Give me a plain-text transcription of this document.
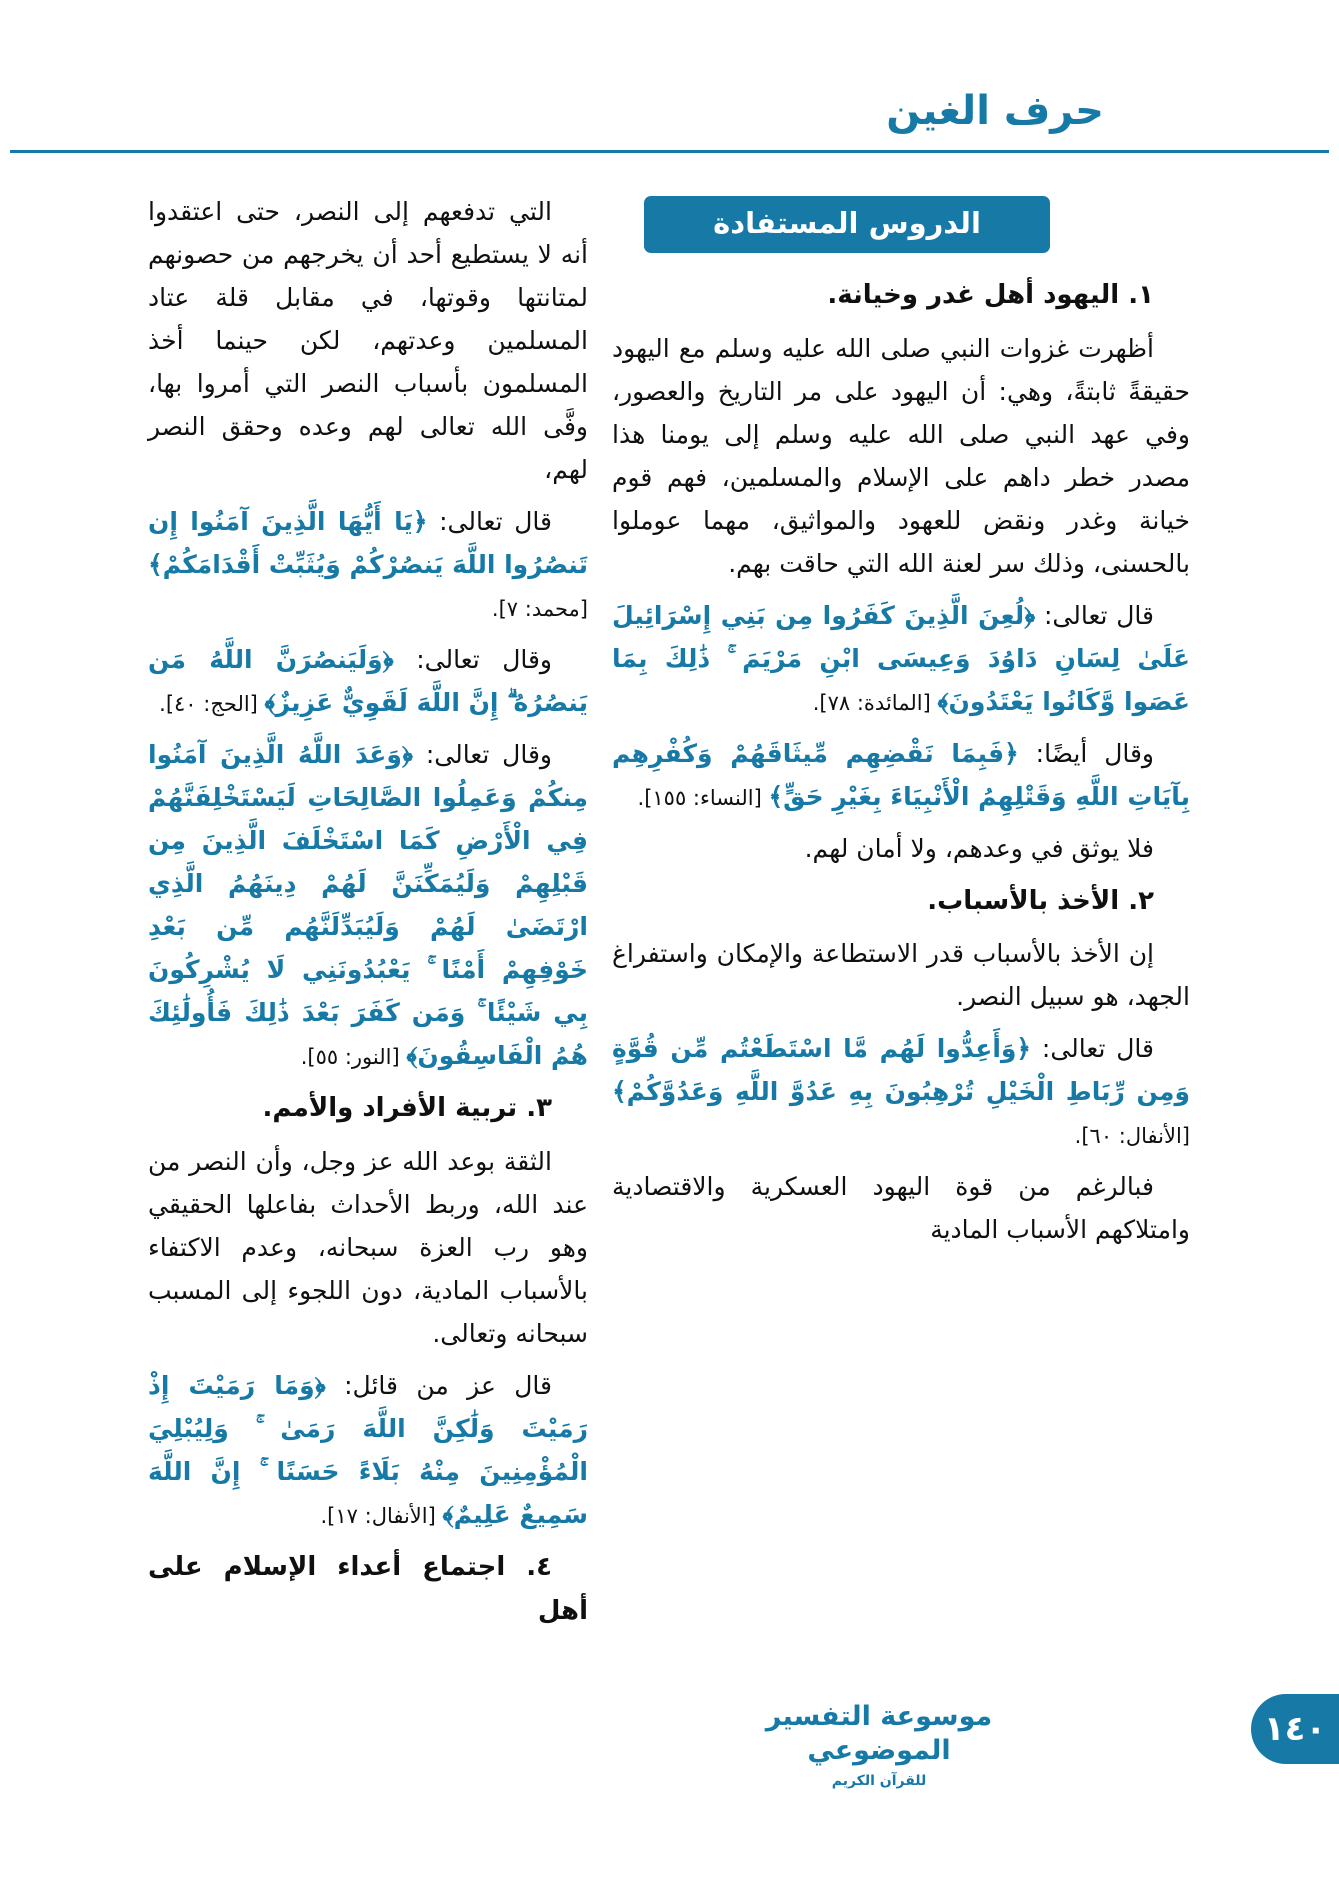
حرف الغين
الدروس المستفادة

١. اليهود أهل غدر وخيانة.

أظهرت غزوات النبي صلى الله عليه وسلم مع اليهود حقيقةً ثابتةً، وهي: أن اليهود على مر التاريخ والعصور، وفي عهد النبي صلى الله عليه وسلم إلى يومنا هذا مصدر خطر داهم على الإسلام والمسلمين، فهم قوم خيانة وغدر ونقض للعهود والمواثيق، مهما عوملوا بالحسنى، وذلك سر لعنة الله التي حاقت بهم.

قال تعالى: ﴿لُعِنَ الَّذِينَ كَفَرُوا مِن بَنِي إِسْرَائِيلَ عَلَىٰ لِسَانِ دَاوُدَ وَعِيسَى ابْنِ مَرْيَمَ ۚ ذَٰلِكَ بِمَا عَصَوا وَّكَانُوا يَعْتَدُونَ﴾ [المائدة: ٧٨].

وقال أيضًا: ﴿فَبِمَا نَقْضِهِم مِّيثَاقَهُمْ وَكُفْرِهِم بِآيَاتِ اللَّهِ وَقَتْلِهِمُ الْأَنْبِيَاءَ بِغَيْرِ حَقٍّ﴾ [النساء: ١٥٥].

فلا يوثق في وعدهم، ولا أمان لهم.

٢. الأخذ بالأسباب.

إن الأخذ بالأسباب قدر الاستطاعة والإمكان واستفراغ الجهد، هو سبيل النصر.

قال تعالى: ﴿وَأَعِدُّوا لَهُم مَّا اسْتَطَعْتُم مِّن قُوَّةٍ وَمِن رِّبَاطِ الْخَيْلِ تُرْهِبُونَ بِهِ عَدُوَّ اللَّهِ وَعَدُوَّكُمْ﴾ [الأنفال: ٦٠].

فبالرغم من قوة اليهود العسكرية والاقتصادية وامتلاكهم الأسباب المادية

التي تدفعهم إلى النصر، حتى اعتقدوا أنه لا يستطيع أحد أن يخرجهم من حصونهم لمتانتها وقوتها، في مقابل قلة عتاد المسلمين وعدتهم، لكن حينما أخذ المسلمون بأسباب النصر التي أمروا بها، وفَّى الله تعالى لهم وعده وحقق النصر لهم،

قال تعالى: ﴿يَا أَيُّهَا الَّذِينَ آمَنُوا إِن تَنصُرُوا اللَّهَ يَنصُرْكُمْ وَيُثَبِّتْ أَقْدَامَكُمْ﴾ [محمد: ٧].

وقال تعالى: ﴿وَلَيَنصُرَنَّ اللَّهُ مَن يَنصُرُهُ ۗ إِنَّ اللَّهَ لَقَوِيٌّ عَزِيزٌ﴾ [الحج: ٤٠].

وقال تعالى: ﴿وَعَدَ اللَّهُ الَّذِينَ آمَنُوا مِنكُمْ وَعَمِلُوا الصَّالِحَاتِ لَيَسْتَخْلِفَنَّهُمْ فِي الْأَرْضِ كَمَا اسْتَخْلَفَ الَّذِينَ مِن قَبْلِهِمْ وَلَيُمَكِّنَنَّ لَهُمْ دِينَهُمُ الَّذِي ارْتَضَىٰ لَهُمْ وَلَيُبَدِّلَنَّهُم مِّن بَعْدِ خَوْفِهِمْ أَمْنًا ۚ يَعْبُدُونَنِي لَا يُشْرِكُونَ بِي شَيْئًا ۚ وَمَن كَفَرَ بَعْدَ ذَٰلِكَ فَأُولَٰئِكَ هُمُ الْفَاسِقُونَ﴾ [النور: ٥٥].

٣. تربية الأفراد والأمم.

الثقة بوعد الله عز وجل، وأن النصر من عند الله، وربط الأحداث بفاعلها الحقيقي وهو رب العزة سبحانه، وعدم الاكتفاء بالأسباب المادية، دون اللجوء إلى المسبب سبحانه وتعالى.

قال عز من قائل: ﴿وَمَا رَمَيْتَ إِذْ رَمَيْتَ وَلَٰكِنَّ اللَّهَ رَمَىٰ ۚ وَلِيُبْلِيَ الْمُؤْمِنِينَ مِنْهُ بَلَاءً حَسَنًا ۚ إِنَّ اللَّهَ سَمِيعٌ عَلِيمٌ﴾ [الأنفال: ١٧].

٤. اجتماع أعداء الإسلام على أهل

موسوعة التفسير الموضوعي
للقرآن الكريم
١٤٠
